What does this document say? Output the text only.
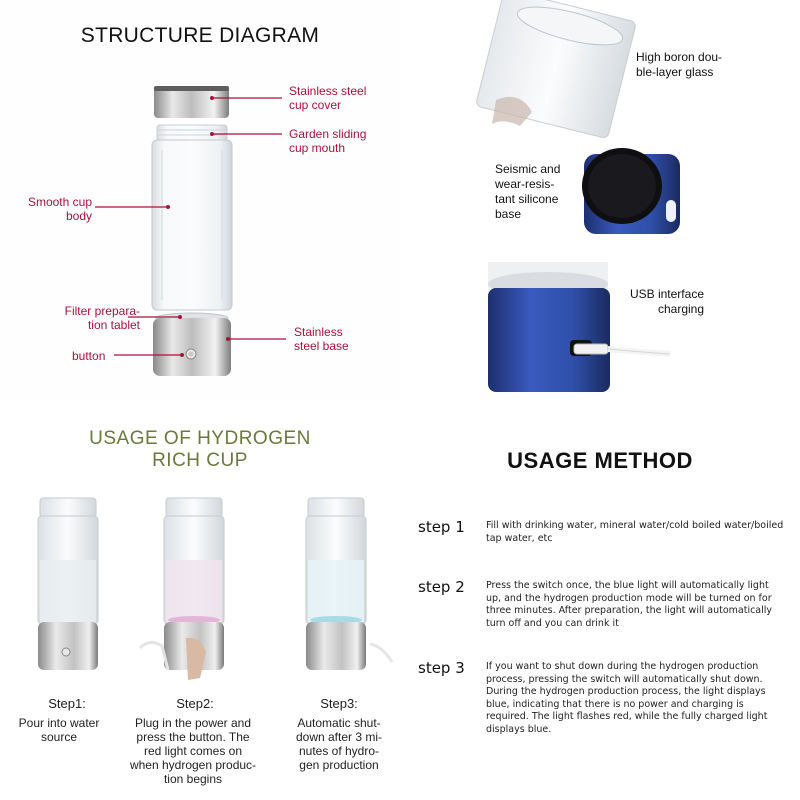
STRUCTURE DIAGRAM
Stainless steel
cup cover
Garden sliding
cup mouth
Smooth cup
body
Filter prepara-
tion tablet
button
Stainless
steel base
High boron dou-
ble-layer glass
Seismic and
wear-resis-
tant silicone
base
USB interface
charging
USAGE OF HYDROGEN
RICH CUP
Step1:
Pour into water
source
Step2:
Plug in the power and
press the button. The
red light comes on
when hydrogen produc-
tion begins
Step3:
Automatic shut-
down after 3 mi-
nutes of hydro-
gen production
USAGE METHOD
step 1 Fill with drinking water, mineral water/cold boiled water/boiled tap water, etc
step 2 Press the switch once, the blue light will automatically light up, and the hydrogen production mode will be turned on for three minutes. After preparation, the light will automatically turn off and you can drink it
step 3 If you want to shut down during the hydrogen production process, pressing the switch will automatically shut down. During the hydrogen production process, the light displays blue, indicating that there is no power and charging is required. The light flashes red, while the fully charged light displays blue.
